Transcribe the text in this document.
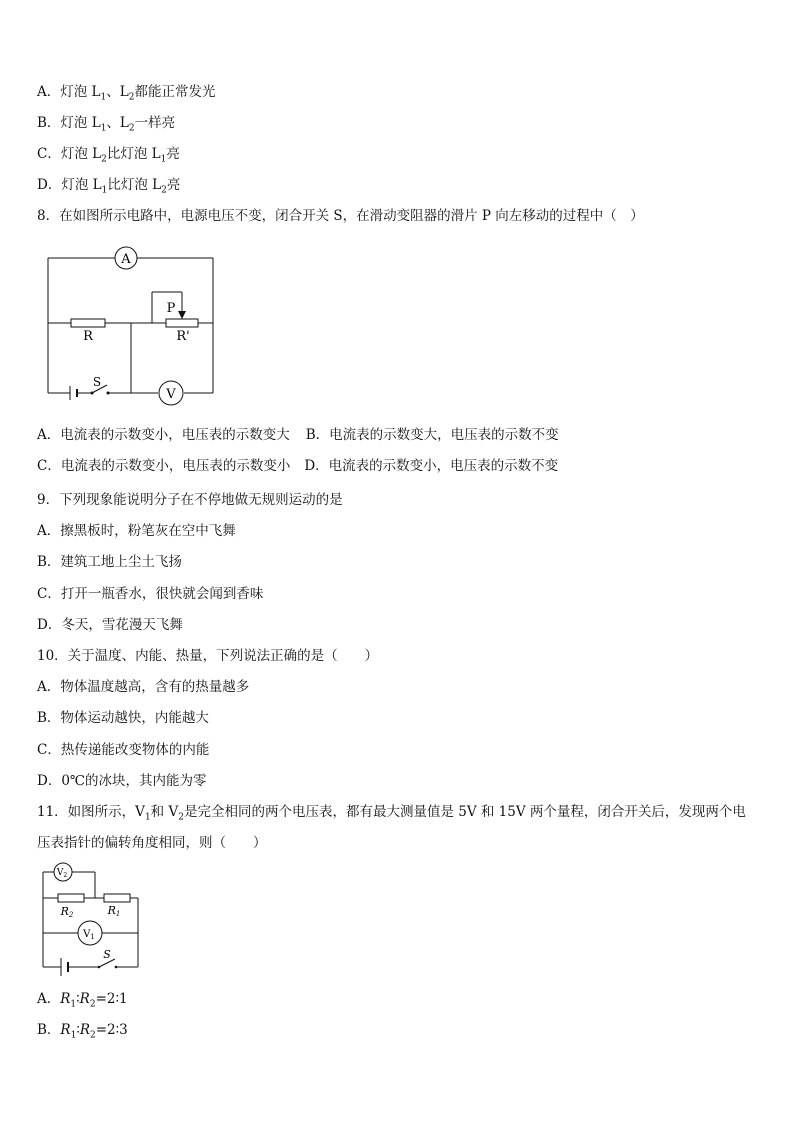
A．灯泡 $L_1$、$L_2$都能正常发光
B．灯泡 $L_1$、$L_2$一样亮
C．灯泡 $L_2$比灯泡 $L_1$亮
D．灯泡 $L_1$比灯泡 $L_2$亮
8．在如图所示电路中，电源电压不变，闭合开关 S，在滑动变阻器的滑片 P 向左移动的过程中（　）
A
V
R	R'
P
S
A．电流表的示数变小，电压表的示数变大 B．电流表的示数变大，电压表的示数不变
C．电流表的示数变小，电压表的示数变小 D．电流表的示数变小，电压表的示数不变
9．下列现象能说明分子在不停地做无规则运动的是
A．擦黑板时，粉笔灰在空中飞舞
B．建筑工地上尘土飞扬
C．打开一瓶香水，很快就会闻到香味
D．冬天，雪花漫天飞舞
10．关于温度、内能、热量，下列说法正确的是（　　）
A．物体温度越高，含有的热量越多
B．物体运动越快，内能越大
C．热传递能改变物体的内能
D．0℃的冰块，其内能为零
11．如图所示，$V_1$和 $V_2$是完全相同的两个电压表，都有最大测量值是 5V 和 15V 两个量程，闭合开关后，发现两个电
压表指针的偏转角度相同，则（　　）
$V_2$
$V_1$
R2	R1
S
A．$R_1∶R_2=2∶1$
B．$R_1∶R_2=2∶3$
